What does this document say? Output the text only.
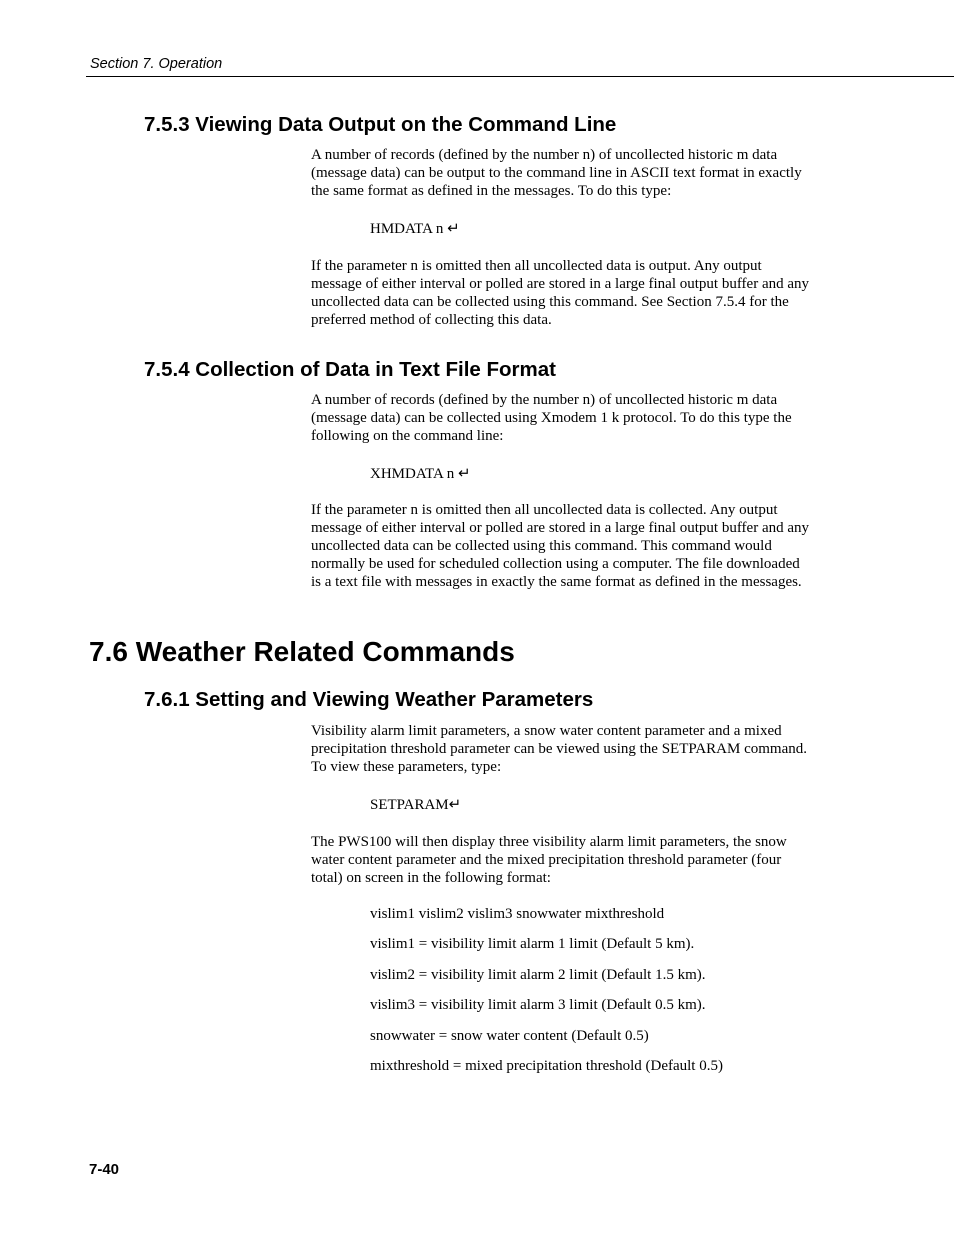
Section 7. Operation
7.5.3 Viewing Data Output on the Command Line
A number of records (defined by the number n) of uncollected historic m data (message data) can be output to the command line in ASCII text format in exactly the same format as defined in the messages. To do this type:
HMDATA n ↵
If the parameter n is omitted then all uncollected data is output. Any output message of either interval or polled are stored in a large final output buffer and any uncollected data can be collected using this command. See Section 7.5.4 for the preferred method of collecting this data.
7.5.4 Collection of Data in Text File Format
A number of records (defined by the number n) of uncollected historic m data (message data) can be collected using Xmodem 1 k protocol. To do this type the following on the command line:
XHMDATA n ↵
If the parameter n is omitted then all uncollected data is collected. Any output message of either interval or polled are stored in a large final output buffer and any uncollected data can be collected using this command. This command would normally be used for scheduled collection using a computer. The file downloaded is a text file with messages in exactly the same format as defined in the messages.
7.6 Weather Related Commands
7.6.1 Setting and Viewing Weather Parameters
Visibility alarm limit parameters, a snow water content parameter and a mixed precipitation threshold parameter can be viewed using the SETPARAM command. To view these parameters, type:
SETPARAM↵
The PWS100 will then display three visibility alarm limit parameters, the snow water content parameter and the mixed precipitation threshold parameter (four total) on screen in the following format:
vislim1 vislim2 vislim3 snowwater mixthreshold
vislim1 = visibility limit alarm 1 limit (Default 5 km).
vislim2 = visibility limit alarm 2 limit (Default 1.5 km).
vislim3 = visibility limit alarm 3 limit (Default 0.5 km).
snowwater = snow water content (Default 0.5)
mixthreshold = mixed precipitation threshold (Default 0.5)
7-40
